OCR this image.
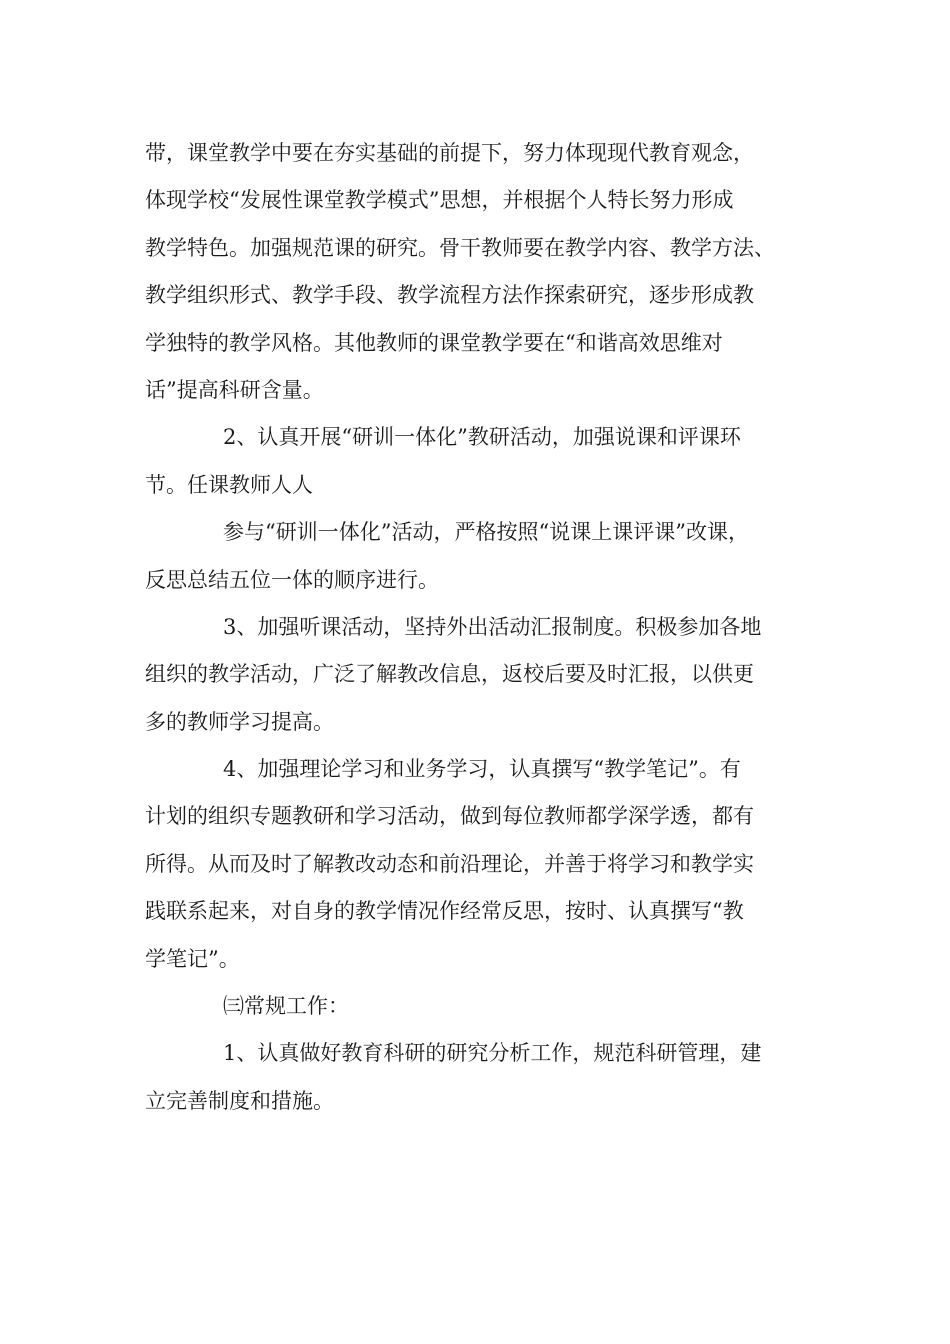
带，课堂教学中要在夯实基础的前提下，努力体现现代教育观念，
体现学校“发展性课堂教学模式”思想，并根据个人特长努力形成
教学特色。加强规范课的研究。骨干教师要在教学内容、教学方法、
教学组织形式、教学手段、教学流程方法作探索研究，逐步形成教
学独特的教学风格。其他教师的课堂教学要在“和谐高效思维对
话”提高科研含量。
2、认真开展“研训一体化”教研活动，加强说课和评课环
节。任课教师人人
参与“研训一体化”活动，严格按照“说课上课评课”改课，
反思总结五位一体的顺序进行。
3、加强听课活动，坚持外出活动汇报制度。积极参加各地
组织的教学活动，广泛了解教改信息，返校后要及时汇报，以供更
多的教师学习提高。
4、加强理论学习和业务学习，认真撰写“教学笔记”。有
计划的组织专题教研和学习活动，做到每位教师都学深学透，都有
所得。从而及时了解教改动态和前沿理论，并善于将学习和教学实
践联系起来，对自身的教学情况作经常反思，按时、认真撰写“教
学笔记”。
㈢常规工作：
1、认真做好教育科研的研究分析工作，规范科研管理，建
立完善制度和措施。
